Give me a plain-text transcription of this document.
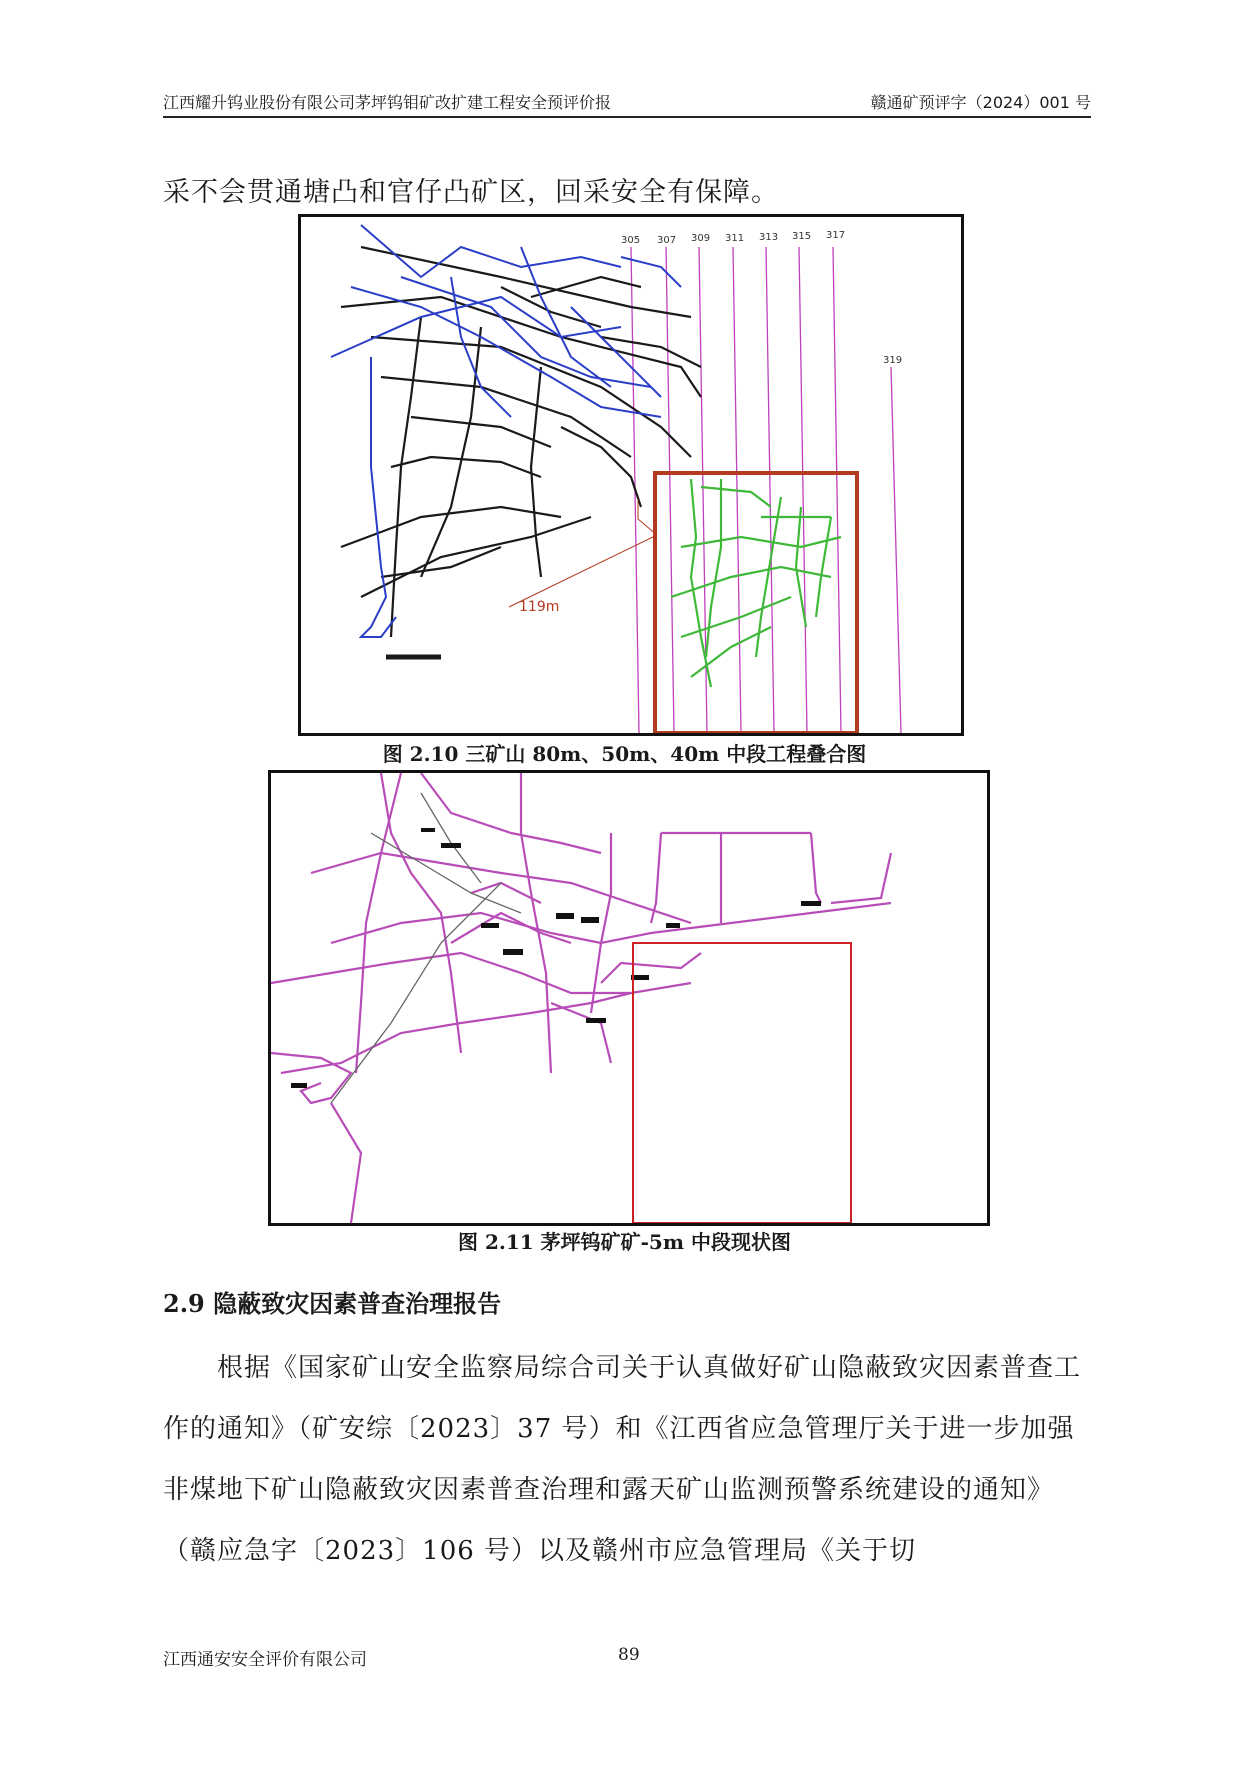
江西耀升钨业股份有限公司茅坪钨钼矿改扩建工程安全预评价报	赣通矿预评字（2024）001 号
采不会贯通塘凸和官仔凸矿区，回采安全有保障。
305 307 309 311 313 315 317
319
119m
图 2.10 三矿山 80m、50m、40m 中段工程叠合图
图 2.11 茅坪钨矿矿-5m 中段现状图
2.9 隐蔽致灾因素普查治理报告
根据《国家矿山安全监察局综合司关于认真做好矿山隐蔽致灾因素普查工作的通知》（矿安综〔2023〕37 号）和《江西省应急管理厅关于进一步加强非煤地下矿山隐蔽致灾因素普查治理和露天矿山监测预警系统建设的通知》（赣应急字〔2023〕106 号）以及赣州市应急管理局《关于切
江西通安安全评价有限公司	89
